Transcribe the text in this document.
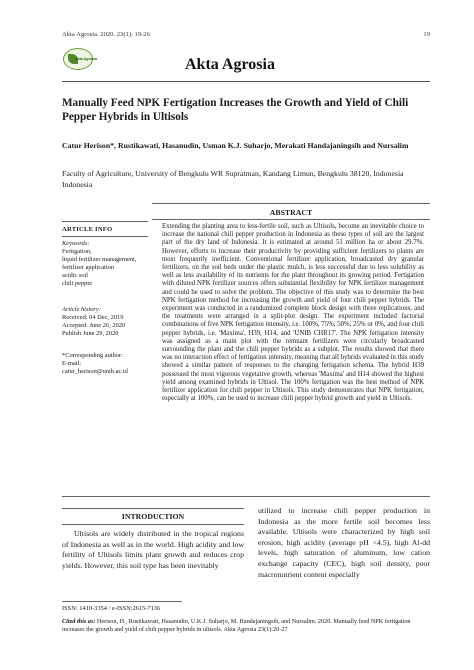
Akta Agrosia. 2020. 23(1): 19-26	19
Akta Agrosia	Akta Agrosia
Manually Feed NPK Fertigation Increases the Growth and Yield of Chili Pepper Hybrids in Ultisols
Catur Herison*, Rustikawati, Hasanudin, Usman K.J. Suharjo, Merakati Handajaningsih and Nursalim
Faculty of Agriculture, University of Bengkulu WR Supratman, Kandang Limun, Bengkulu 38120, Indonesia Indonesia
ABSTRACT
Extending the planting area to less-fertile soil, such as Ultisols, become an inevitable choice to increase the national chili pepper production in Indonesia as these types of soil are the largest part of the dry land of Indonesia. It is estimated at around 51 million ha or about 29.7%. However, efforts to increase their productivity by providing sufficient fertilizers to plants are most frequently inefficient. Conventional fertilizer application, broadcasted dry granular fertilizers, on the soil beds under the plastic mulch, is less successful due to less solubility as well as less availability of its nutrients for the plant throughout its growing period. Fertigation with diluted NPK fertilizer sources offers substantial flexibility for NPK fertilizer management and could be used to solve the problem. The objective of this study was to determine the best NPK fertigation method for increasing the growth and yield of four chili pepper hybrids. The experiment was conducted in a randomized complete block design with three replications, and the treatments were arranged in a split-plot design. The experiment included factorial combinations of five NPK fertigation intensity, i.e. 100%, 75%, 50%, 25% or 0%, and four chili pepper hybrids, i.e. 'Maxima', H39, H14, and 'UNIB CHR17'. The NPK fertigation intensity was assigned as a main plot with the remnant fertilizers were circularly broadcasted surrounding the plant and the chili pepper hybrids as a subplot. The results showed that there was no interaction effect of fertigation intensity, meaning that all hybrids evaluated in this study showed a similar pattern of responses to the changing fertigation schema. The hybrid H39 possessed the most vigorous vegetative growth, whereas 'Maxima' and H14 showed the highest yield among examined hybrids in Ultisol. The 100% fertigation was the best method of NPK fertilizer application for chili pepper in Ultisols. This study demonstrates that NPK fertigation, especially at 100%, can be used to increase chili pepper hybrid growth and yield in Ultisols.
ARTICLE INFO
Keywords:
Fertigation,
liquid fertilizer management,
fertilizer application
acidic soil
chili pepper
Article history:
Received: 04 Dec, 2019
Accepted: June 26, 2020
Publish June 29, 2020
*Corresponding author:
E-mail:
catur_herison@unib.ac.id
INTRODUCTION
Ultisols are widely distributed in the tropical regions of Indonesia as well as in the world. High acidity and low fertility of Ultisols limits plant growth and reduces crop yields. However, this soil type has been inevitably
utilized to increase chili pepper production in Indonesia as the more fertile soil becomes less available. Ultisols were characterized by high soil erosion, high acidity (average pH <4.5), high Al-dd levels, high saturation of aluminum, low cation exchange capacity (CEC), high soil density, poor macronutrient content especially
ISSN: 1410-3354 / e-ISSN:2615-7136
Cited this as: Herison, H., Rustikawati, Hasanudin, U.K.J. Suharjo, M. Handajaningsih, and Nursalim. 2020. Manually feed NPK fertigation increases the growth and yield of chili pepper hybrids in ultisols. Akta Agrosia 23(1):20-27
